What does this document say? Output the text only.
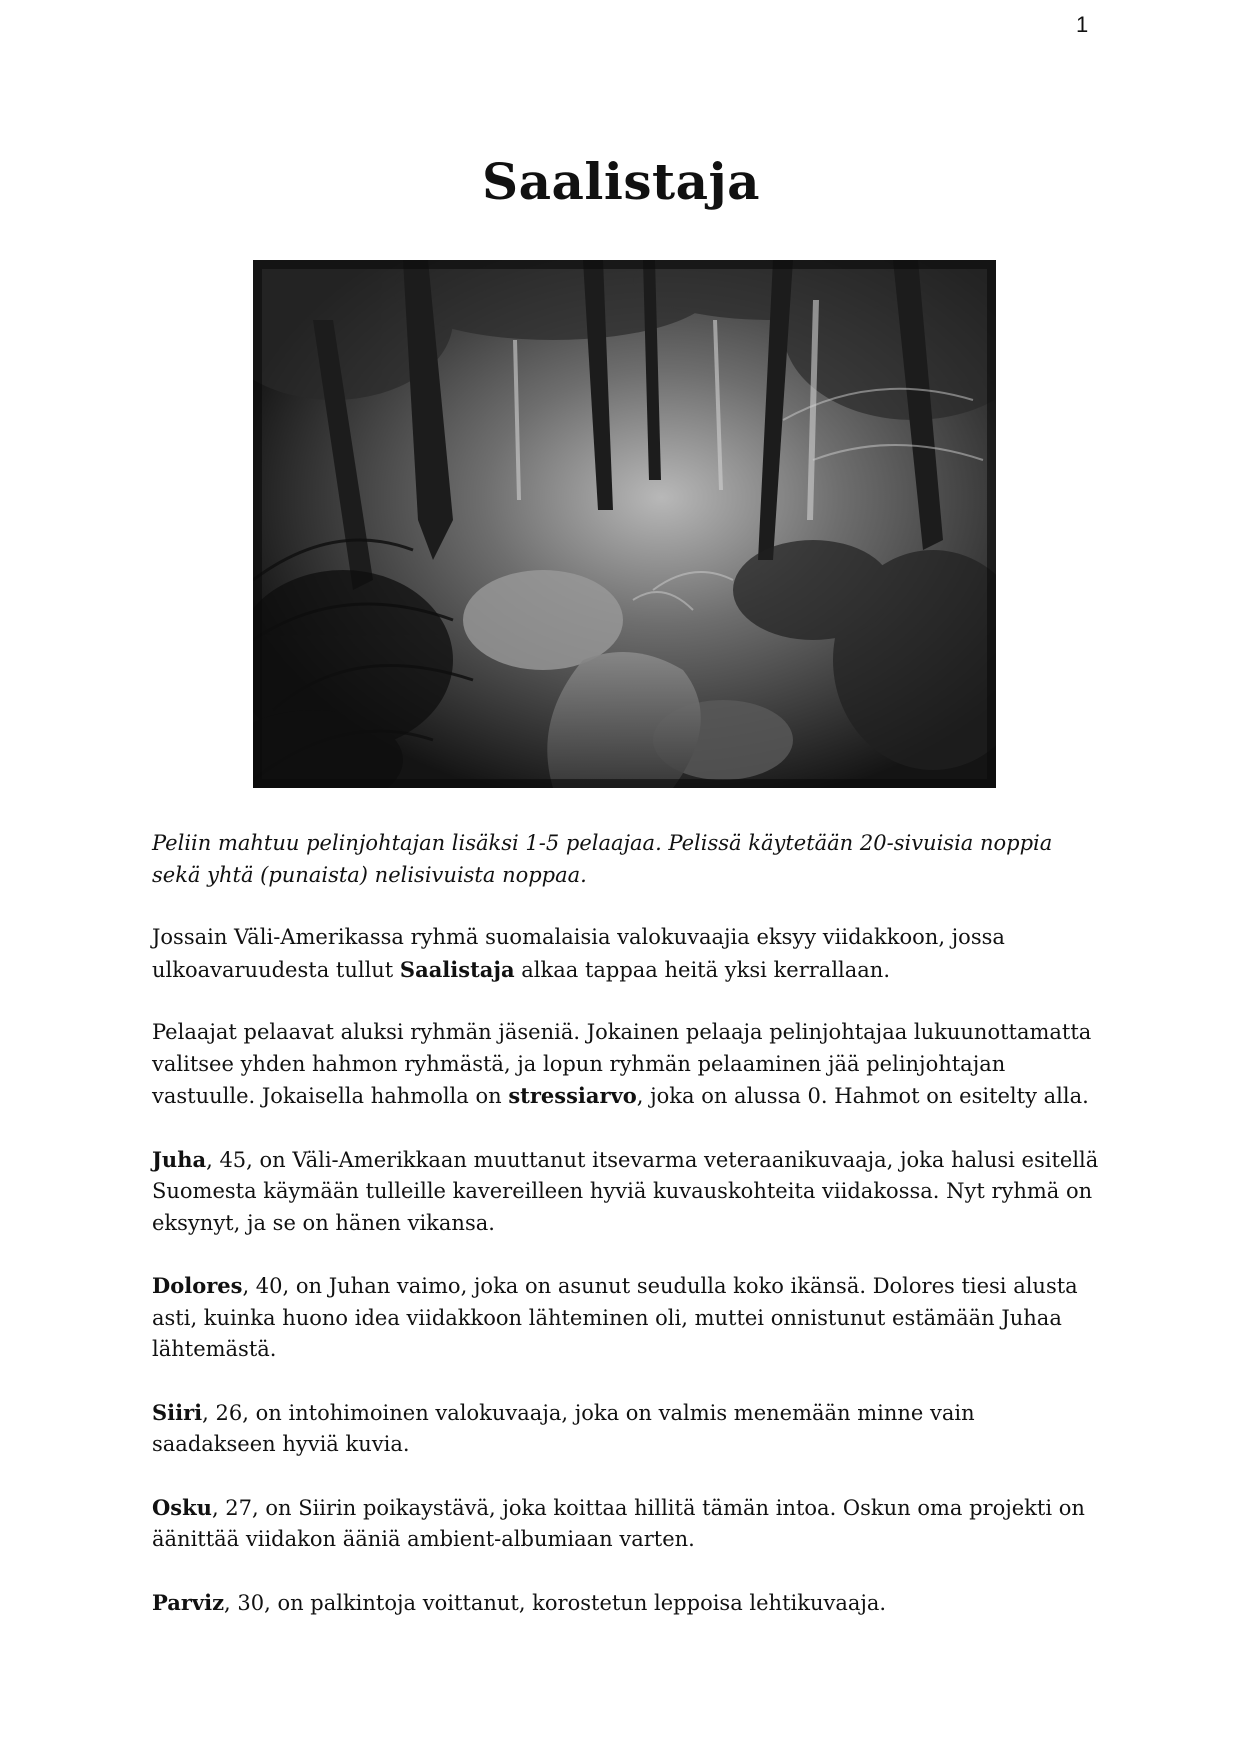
1
Saalistaja

Peliin mahtuu pelinjohtajan lisäksi 1-5 pelaajaa. Pelissä käytetään 20-sivuisia noppia sekä yhtä (punaista) nelisivuista noppaa.

Jossain Väli-Amerikassa ryhmä suomalaisia valokuvaajia eksyy viidakkoon, jossa ulkoavaruudesta tullut Saalistaja alkaa tappaa heitä yksi kerrallaan.

Pelaajat pelaavat aluksi ryhmän jäseniä. Jokainen pelaaja pelinjohtajaa lukuunottamatta valitsee yhden hahmon ryhmästä, ja lopun ryhmän pelaaminen jää pelinjohtajan vastuulle. Jokaisella hahmolla on stressiarvo, joka on alussa 0. Hahmot on esitelty alla.

Juha, 45, on Väli-Amerikkaan muuttanut itsevarma veteraanikuvaaja, joka halusi esitellä Suomesta käymään tulleille kavereilleen hyviä kuvauskohteita viidakossa. Nyt ryhmä on eksynyt, ja se on hänen vikansa.

Dolores, 40, on Juhan vaimo, joka on asunut seudulla koko ikänsä. Dolores tiesi alusta asti, kuinka huono idea viidakkoon lähteminen oli, muttei onnistunut estämään Juhaa lähtemästä.

Siiri, 26, on intohimoinen valokuvaaja, joka on valmis menemään minne vain saadakseen hyviä kuvia.

Osku, 27, on Siirin poikaystävä, joka koittaa hillitä tämän intoa. Oskun oma projekti on äänittää viidakon ääniä ambient-albumiaan varten.

Parviz, 30, on palkintoja voittanut, korostetun leppoisa lehtikuvaaja.
